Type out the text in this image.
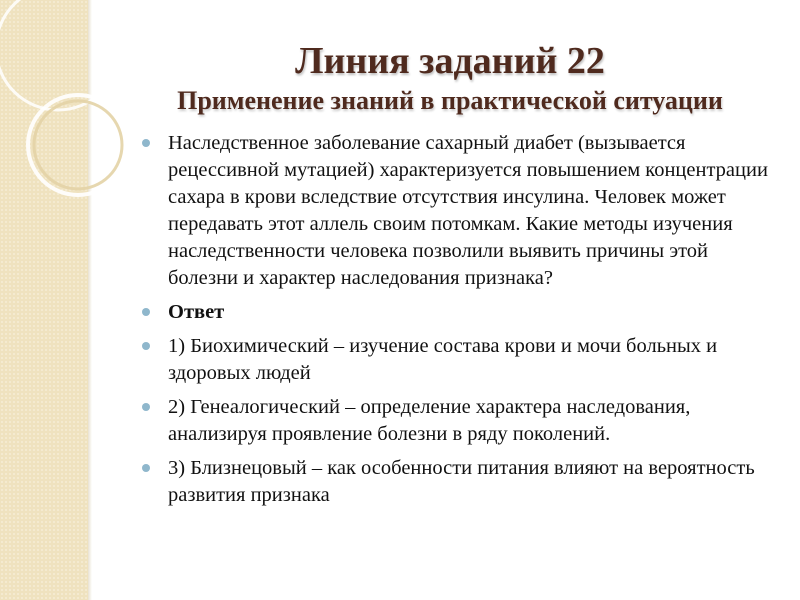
Линия заданий 22
Применение знаний в практической ситуации
Наследственное заболевание сахарный диабет (вызывается рецессивной мутацией) характеризуется повышением концентрации сахара в крови вследствие отсутствия инсулина. Человек может передавать этот аллель своим потомкам. Какие методы изучения наследственности человека позволили выявить причины этой болезни и характер наследования признака?
Ответ
1) Биохимический – изучение состава крови и мочи больных и здоровых людей
2) Генеалогический – определение характера наследования, анализируя проявление болезни в ряду поколений.
3) Близнецовый – как особенности питания влияют на вероятность развития признака
